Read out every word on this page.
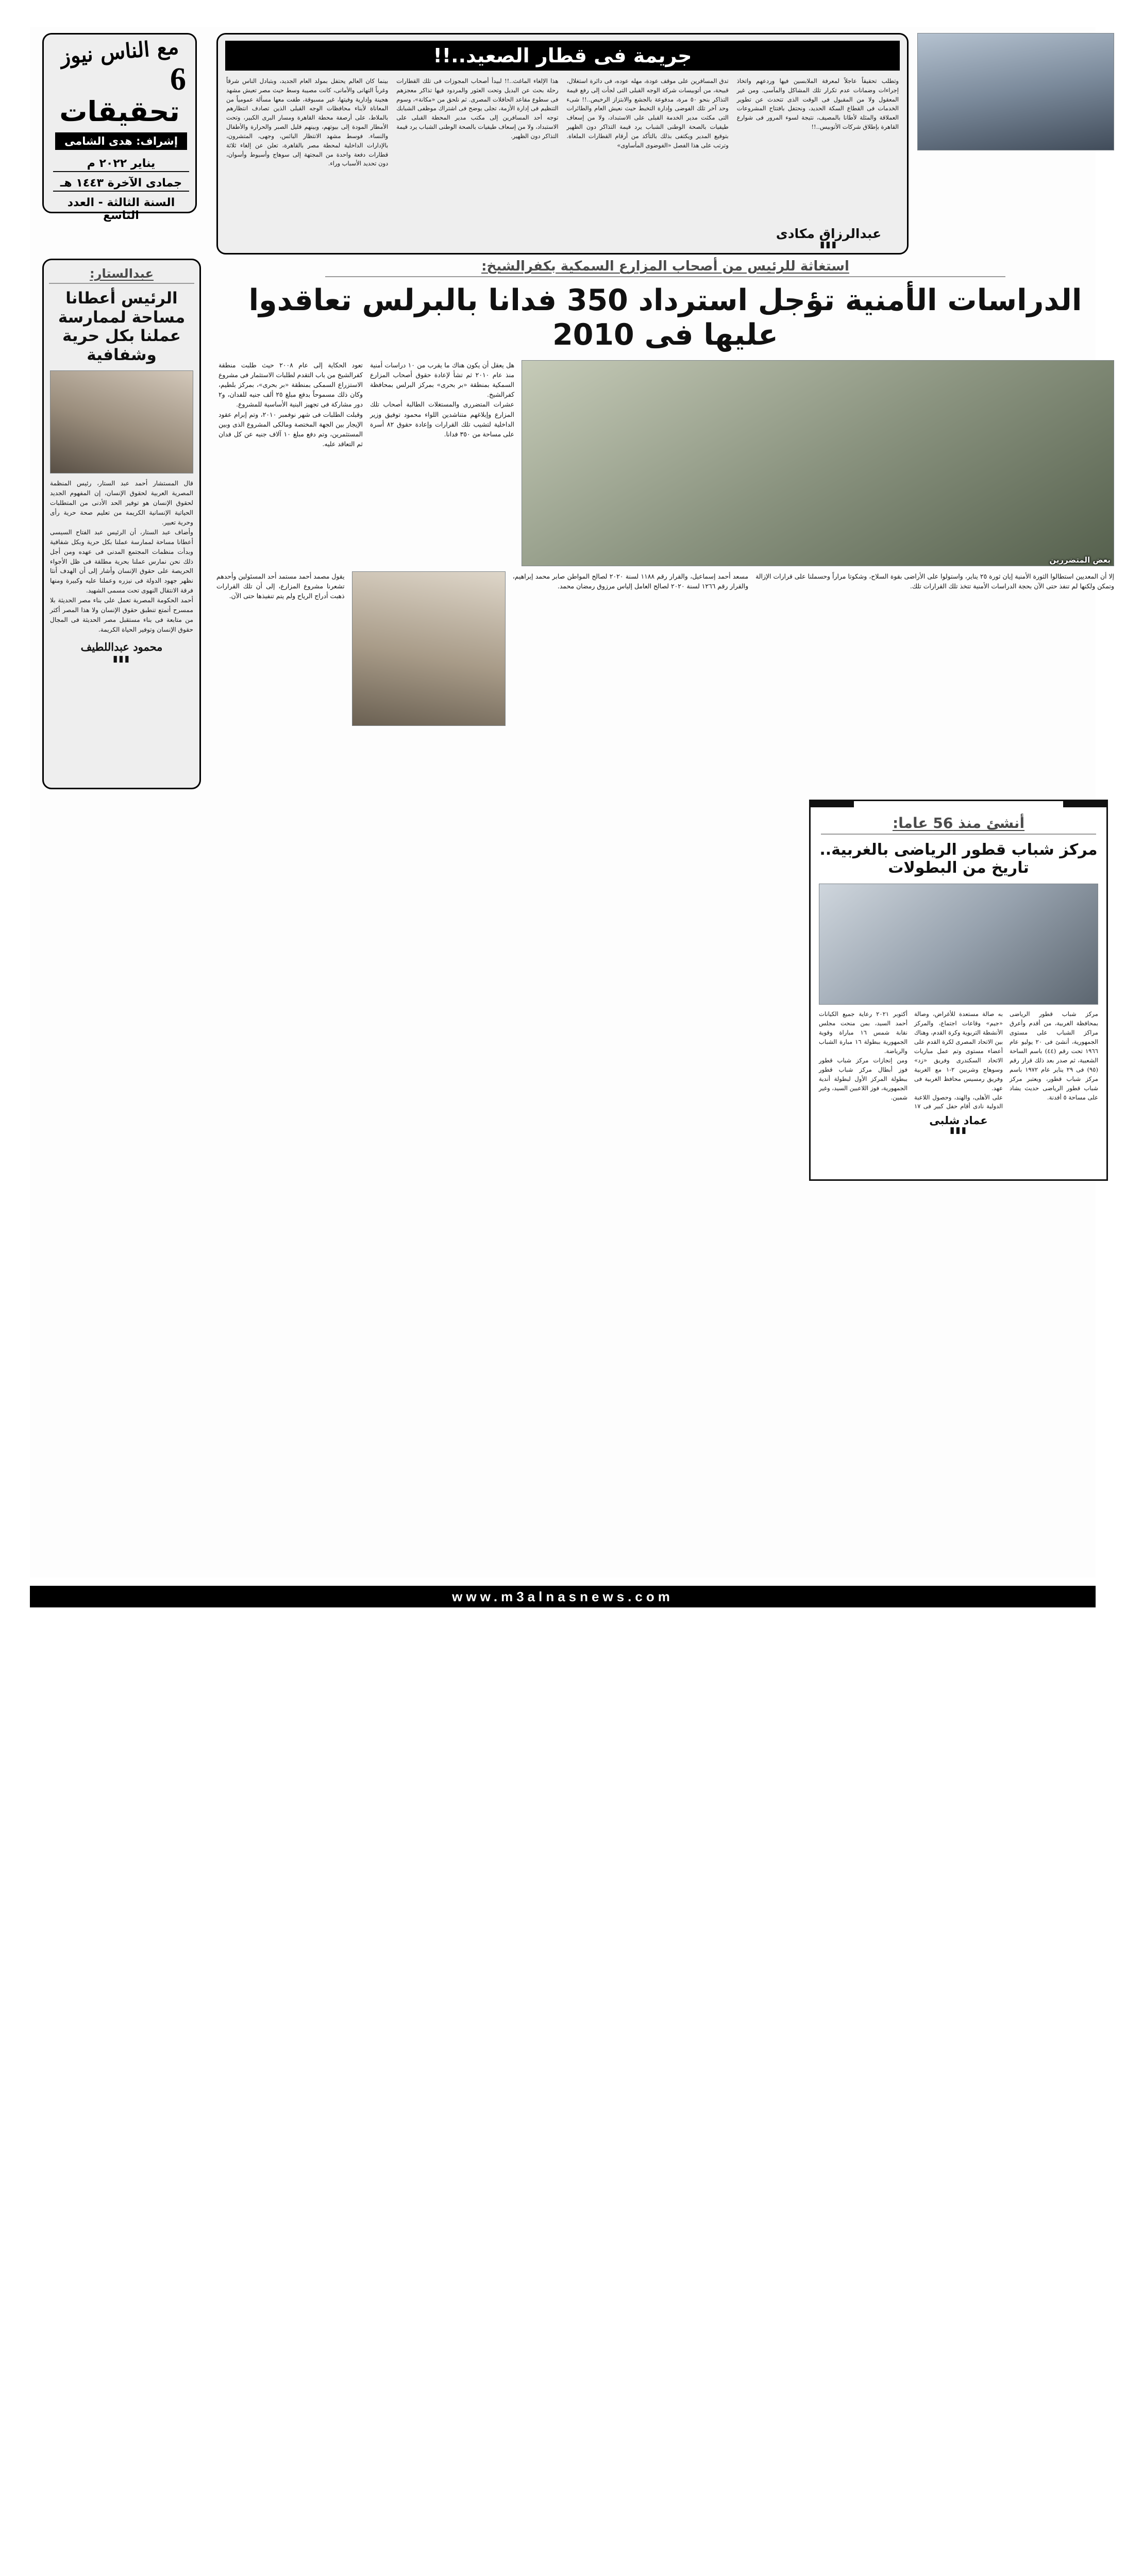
مع الناس نيوز
6
تحقيقات
إشراف: هدى الشامى
يناير ٢٠٢٢ م
جمادى الآخرة ١٤٤٣ هـ
السنة الثالثة - العدد التاسع
جريمة فى قطار الصعيد..!!
وتطلب تحقيقاً عاجلاً لمعرفة الملابسين فيها وردعهم واتخاذ إجراءات وضمانات عدم تكرار تلك المشاكل والمآسى. ومن غير المعقول ولا من المقبول فى الوقت الذى تتحدث عن تطوير الخدمات فى القطاع السكة الحديد، ونحتفل بافتتاح المشروعات العملاقة والمثلة لأطانا بالمصيف، نتيجة لسوء المرور فى شوارع القاهرة بإطلاق شركات الأتوبيس..!!
تدق المسافرين على موقف عودة، مهله عوده، فى دائرة استغلال، قبيحة، من أتوبيسات شركة الوجه القبلى التى لجأت إلى رفع قيمة التذاكر بنحو ٥٠ مرة، مدفوعة بالجشع والابتزاز الرخيص..!! شىء وحد آخر تلك الفوضى وإدارة التخبط حيث نعيش العام والطائرات التى مكثت مدير الخدمة القبلى على الاستبداد، ولا من إسعاف طيفيات بالصحة الوطنى الشباب يرد قيمة التذاكر دون الظهير بتوقيع المدير ويكتفى بذلك بالتأكد من أرقام القطارات الملغاة. وترتب على هذا الفصل «الفوضوى المأساوى»
هذا الإلغاء الماغث..!! لبيدأ أصحاب المجوزات فى تلك القطارات رحلة بحث عن البديل وتحت العثور والمردود فيها تذاكر معجزهم فى سطوع مقاعد الحافلات المصرى. ثم نلحق من «مكانة»، وسوم التنظيم فى إدارة الأزمة، تجلى يوضح فى اشتراك موظفى الشبابك توجه أحد المسافرين إلى مكتب مدير المحطة القبلى على الاستبداد، ولا من إسعاف طيفيات بالصحة الوطنى الشباب يرد قيمة التذاكر دون الظهير.
بينما كان العالم يحتفل بمولد العام الجديد، وبتبادل الناس شرقاً وغرباً التهانى والأمانى، كانت مصيبة وسط حيث مصر تعيش مشهد هجينة وإدارية وفيتها، غير مسبوقة، طفت معها مسألة عمومياً من المعاناة لأبناء محافظات الوجه القبلى الذين تصادف انتظارهم بالملاط، على أرصفة محطة القاهرة ومسار البرى الكبير، وتحت الأمطار المودة إلى بيوتهم، وبينهم قليل الصبر والحرارة والأطفال والنساء. فوسط مشهد الانتظار البائس، وجهى، المتشرون، بالإدارات الداخلية لمحطة مصر بالقاهرة، تعلن عن إلغاء ثلاثة قطارات دفعة واحدة من المجتهة إلى سوهاج وأسيوط وأسوان، دون تحديد الأسباب وراء.
عبدالرزاق مكادى
▮▮▮
استغاثة للرئيس من أصحاب المزارع السمكية بكفرالشيخ:
الدراسات الأمنية تؤجل استرداد 350 فدانا بالبرلس تعاقدوا عليها فى 2010
بعض المتضررين

هل يعقل أن يكون هناك ما يقرب من ١٠ دراسات أمنية منذ عام ٢٠١٠ ثم تشأ لإعادة حقوق أصحاب المزارع السمكية بمنطقة «بر بحرى» بمركز البرلس بمحافظة كفرالشيخ.

عشرات المتضررى والمستغلات الطالبة أصحاب تلك المزارع وإبلاغهم متناشدين اللواء محمود توفيق وزير الداخلية لتشيب تلك القرارات وإعادة حقوق ٨٢ أسرة على مساحة من ٣٥٠ فدانا.

تعود الحكاية إلى عام ٢٠٠٨ حيث طلبت منطقة كفرالشيخ من باب التقدم لطلبات الاستثمار فى مشروع الاستزراع السمكى بمنطقة «بر بحرى»، بمركز بلطيم، وكان ذلك مسموحاً بدفع مبلغ ٢٥ ألف جنيه للفدان، و٢ دور مشاركة فى تجهيز البنية الأساسية للمشروع.

وقبلت الطلبات فى شهر نوفمبر ٢٠١٠، وتم إبرام عقود الإيجار بين الجهة المختصة ومالكى المشروع الذى وبين المستثمرين، وتم دفع مبلغ ١٠ آلاف جنيه عن كل فدان ثم التعاقد عليه.

إلا أن المعديين استطالوا الثورة الأمنية إيان ثورة ٢٥ يناير، واستولوا على الأراضى بقوة السلاح، وشكوتا مراراً وحسملنا على قرارات الإزالة وتمكن ولكنها لم تنفذ حتى الآن بحجة الدراسات الأمنية تتخذ تلك القرارات تلك.
مسعد أحمد إسماعيل، والقرار رقم ١١٨٨ لسنة ٢٠٢٠ لصالح المواطن صابر محمد إبراهيم، والقرار رقم ١٢٦٦ لسنة ٢٠٢٠ لصالح العامل إلياس مرزوق رمضان محمد.
يقول مصمد أحمد مستمد أحد المسئولين وأحدهم تشعرنا مشروع المزارع، إلى أن تلك القرارات ذهبت أدراج الرياح ولم يتم تنفيذها حتى الآن.
عبدالستار:
الرئيس أعطانا مساحة لممارسة
عملنا بكل حرية وشفافية

قال المستشار أحمد عبد الستار، رئيس المنظمة المصرية العربية لحقوق الإنسان، إن المفهوم الجديد لحقوق الإنسان هو توفير الحد الأدنى من المتطلبات الحياتية الإنسانية الكريمة من تعليم صحة حرية رأى وحرية تعبير.

وأضاف عبد الستار، أن الرئيس عبد الفتاح السيسى أعطانا مساحة لممارسة عملنا بكل حرية وبكل شفافية وبدأت منظمات المجتمع المدنى فى عهده ومن أجل ذلك نحن نمارس عملنا بحرية مطلقة فى ظل الأجواء الحريصة على حقوق الإنسان وأشار إلى أن الهدف أنثا نظهر جهود الدولة فى نيزره وعملنا عليه وكبيرة ومنها فرقة الانتقال النهوى تحت مسمى الشهيد.

أحمد الحكومة المصرية تعمل على بناء مصر الحديثة بلا ممسرح أتمتع تنطبق حقوق الإنسان ولا هذا المصر أكثر من متابعة فى بناء مستقبل مصر الحديثة فى المجال حقوق الإنسان وتوفير الحياة الكريمة.

محمود عبداللطيف
▮▮▮
أنشئ منذ 56 عاما:
مركز شباب قطور الرياضى بالغربية.. تاريخ من البطولات

مركز شباب قطور الرياضى بمحافظة الغربية، من أقدم وأعرق مراكز الشباب على مستوى الجمهورية، أنشئ فى ٢٠ يوليو عام ١٩٦٦ تحت رقم (٤٤) باسم الساحة الشعبية، ثم صدر بعد ذلك قرار رقم (٩٥) فى ٢٩ يناير عام ١٩٧٢ باسم مركز شباب قطور، ويعتبر مركز شباب قطور الرياضى حديث يشاد على مساحة ٥ أفدنة.

به صالة مستعدة للأغراض، وصالة «جيم» وقاعات اجتماع، والمركز الأنشطة التربوية وكرة القدم، وهناك بين الاتحاد المصرى لكرة القدم على أعضاء مستوى وتم عمل مباريات الاتحاد السكندرى وفريق «زد» وسوهاج وشربين ٢-١ مع الغربية وفريق رمسيس محافظ الغربية فى عهد.

على الأهلى، والهند، وحصول اللاعبة الدولية نادى أقام حفل كبير فى ١٧ أكتوبر ٢٠٢١ رعاية جميع الكيانات أحمد السيد، بمن منحت مجلس نقابة شمس ١٦ مباراة وقوية الجمهورية ببطولة ١٦ مبارة الشباب والرياضة.

ومن إنجازات مركز شباب قطور فوز أبطال مركز شباب قطور ببطولة المركز الأول لبطولة أندية الجمهورية، فوز اللاعبين السيد، وغير شمين.

عماد شلبى
▮▮▮

www.m3alnasnews.com
